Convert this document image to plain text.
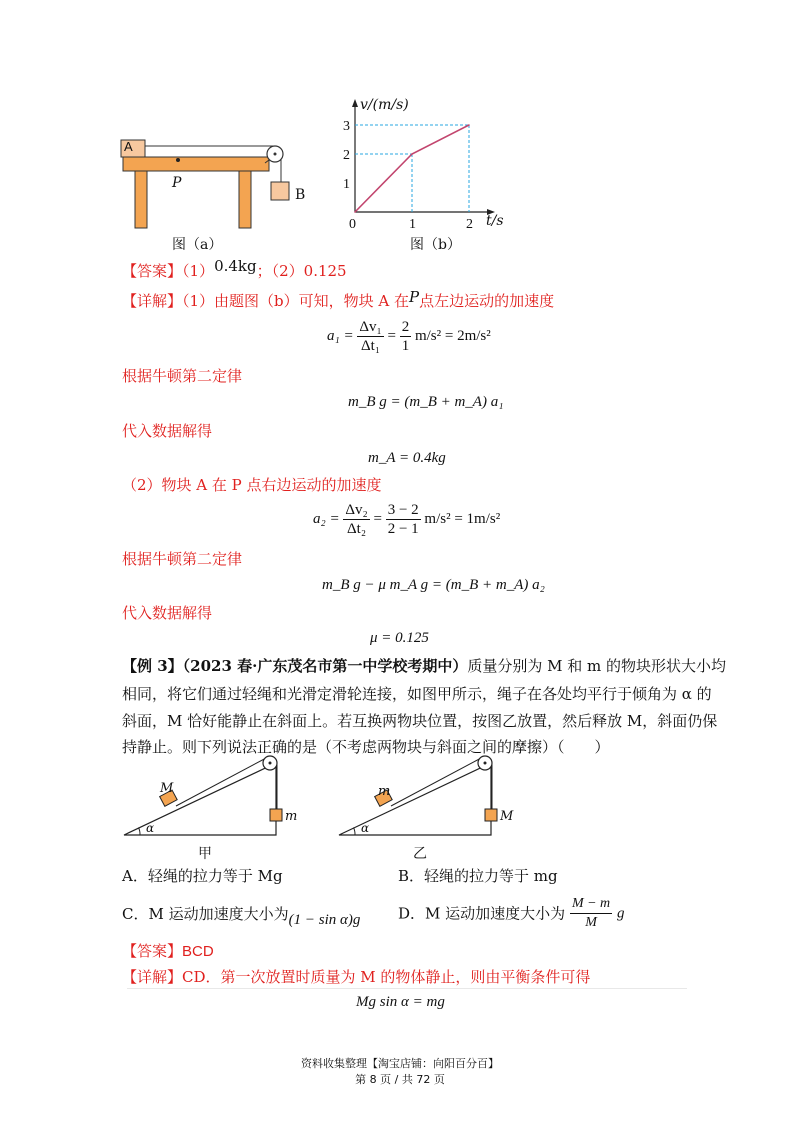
A
B
P
图（a）
0	1	2
1
2
3
v/(m/s)
t/s
图（b）
【答案】（1）0.4kg；（2）0.125
【详解】（1）由题图（b）可知，物块 A 在P点左边运动的加速度
$a_1 = \frac{\text{Δv₁}}{\text{Δt₁}} = \frac{2}{1} m/s^2 = 2m/s^2$
根据牛顿第二定律
m_B g = (m_B + m_A) a₁
代入数据解得
m_A = 0.4kg
（2）物块 A 在 P 点右边运动的加速度
$a_2 = \frac{\text{Δv₂}}{\text{Δt₂}} = \frac{3 - 2}{2 - 1} m/s^2 = 1m/s^2$
根据牛顿第二定律
m_B g − μ m_A g = (m_B + m_A) a₂
代入数据解得
μ = 0.125
【例 3】（2023 春·广东茂名市第一中学校考期中）质量分别为 M 和 m 的物块形状大小均
相同，将它们通过轻绳和光滑定滑轮连接，如图甲所示，绳子在各处均平行于倾角为 α 的
斜面，M 恰好能静止在斜面上。若互换两物块位置，按图乙放置，然后释放 M，斜面仍保
持静止。则下列说法正确的是（不考虑两物块与斜面之间的摩擦）（　　）
M
m
α
甲
m
M
α
乙
A．轻绳的拉力等于 Mg	B．轻绳的拉力等于 mg
C．M 运动加速度大小为(1 − sin α)g	D．M 运动加速度大小为 $\frac{M - m}{M}$ g
【答案】BCD
【详解】CD．第一次放置时质量为 M 的物体静止，则由平衡条件可得
Mg sin α = mg
资料收集整理【淘宝店铺：向阳百分百】
第 8 页 / 共 72 页
